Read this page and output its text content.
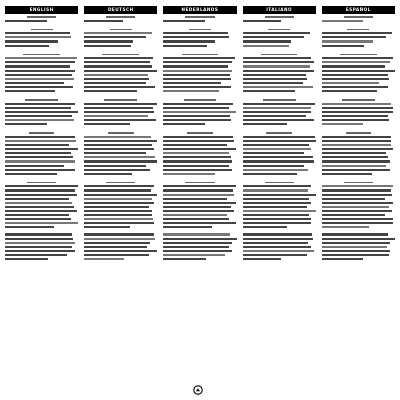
ENGLISH	DEUTSCH	NEDERLANDS	ITALIANO	ESPAÑOL
